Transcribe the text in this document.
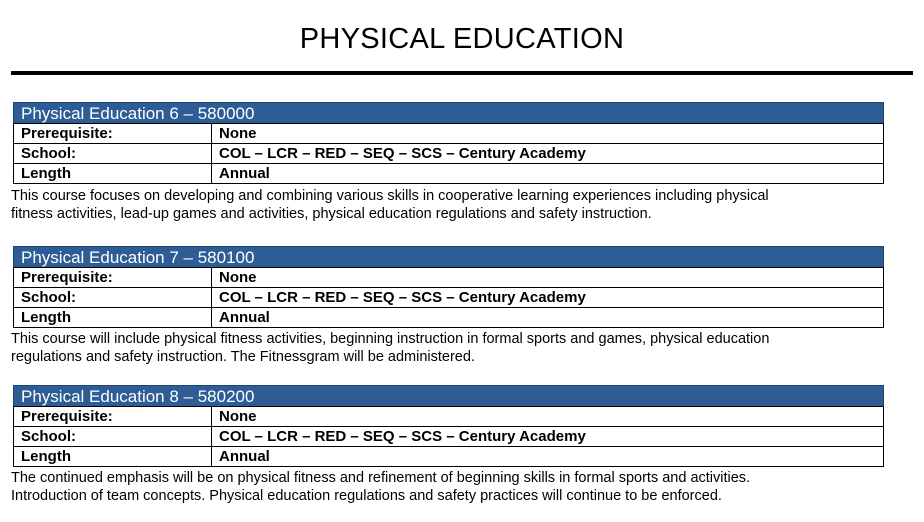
PHYSICAL EDUCATION
Physical Education 6 – 580000
Prerequisite:	None
School:	COL – LCR – RED – SEQ – SCS – Century Academy
Length	Annual
This course focuses on developing and combining various skills in cooperative learning experiences including physical
fitness activities, lead-up games and activities, physical education regulations and safety instruction.
Physical Education 7 – 580100
Prerequisite:	None
School:	COL – LCR – RED – SEQ – SCS – Century Academy
Length	Annual
This course will include physical fitness activities, beginning instruction in formal sports and games, physical education
regulations and safety instruction. The Fitnessgram will be administered.
Physical Education 8 – 580200
Prerequisite:	None
School:	COL – LCR – RED – SEQ – SCS – Century Academy
Length	Annual
The continued emphasis will be on physical fitness and refinement of beginning skills in formal sports and activities.
Introduction of team concepts. Physical education regulations and safety practices will continue to be enforced.
